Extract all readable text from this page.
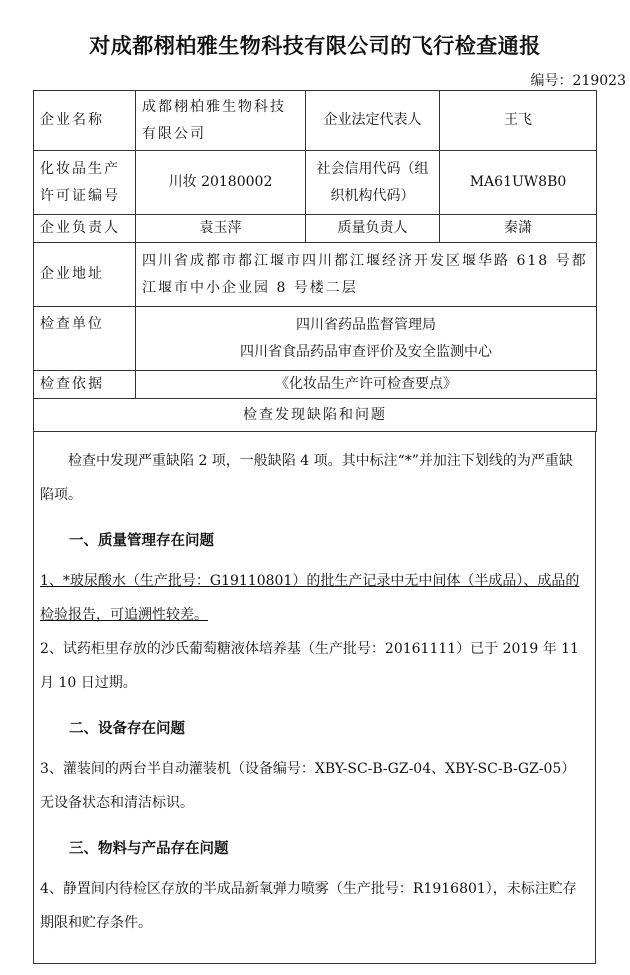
对成都栩柏雅生物科技有限公司的飞行检查通报
编号：219023
企业名称	成都栩柏雅生物科技有限公司	企业法定代表人	王飞
化妆品生产许可证编号	川妆 20180002	社会信用代码（组织机构代码）	MA61UW8B0
企业负责人	袁玉萍	质量负责人	秦潇
企业地址	四川省成都市都江堰市四川都江堰经济开发区堰华路 618 号都江堰市中小企业园 8 号楼二层		
检查单位	四川省药品监督管理局
四川省食品药品审查评价及安全监测中心		

检查依据	《化妆品生产许可检查要点》		
检查发现缺陷和问题			

检查中发现严重缺陷 2 项，一般缺陷 4 项。其中标注“*”并加注下划线的为严重缺陷项。

一、质量管理存在问题

1、*玻尿酸水（生产批号：G19110801）的批生产记录中无中间体（半成品）、成品的检验报告，可追溯性较差。

2、试药柜里存放的沙氏葡萄糖液体培养基（生产批号：20161111）已于 2019 年 11 月 10 日过期。

二、设备存在问题

3、灌装间的两台半自动灌装机（设备编号：XBY-SC-B-GZ-04、XBY-SC-B-GZ-05）无设备状态和清洁标识。

三、物料与产品存在问题

4、静置间内待检区存放的半成品新氧弹力喷雾（生产批号：R1916801），未标注贮存期限和贮存条件。
